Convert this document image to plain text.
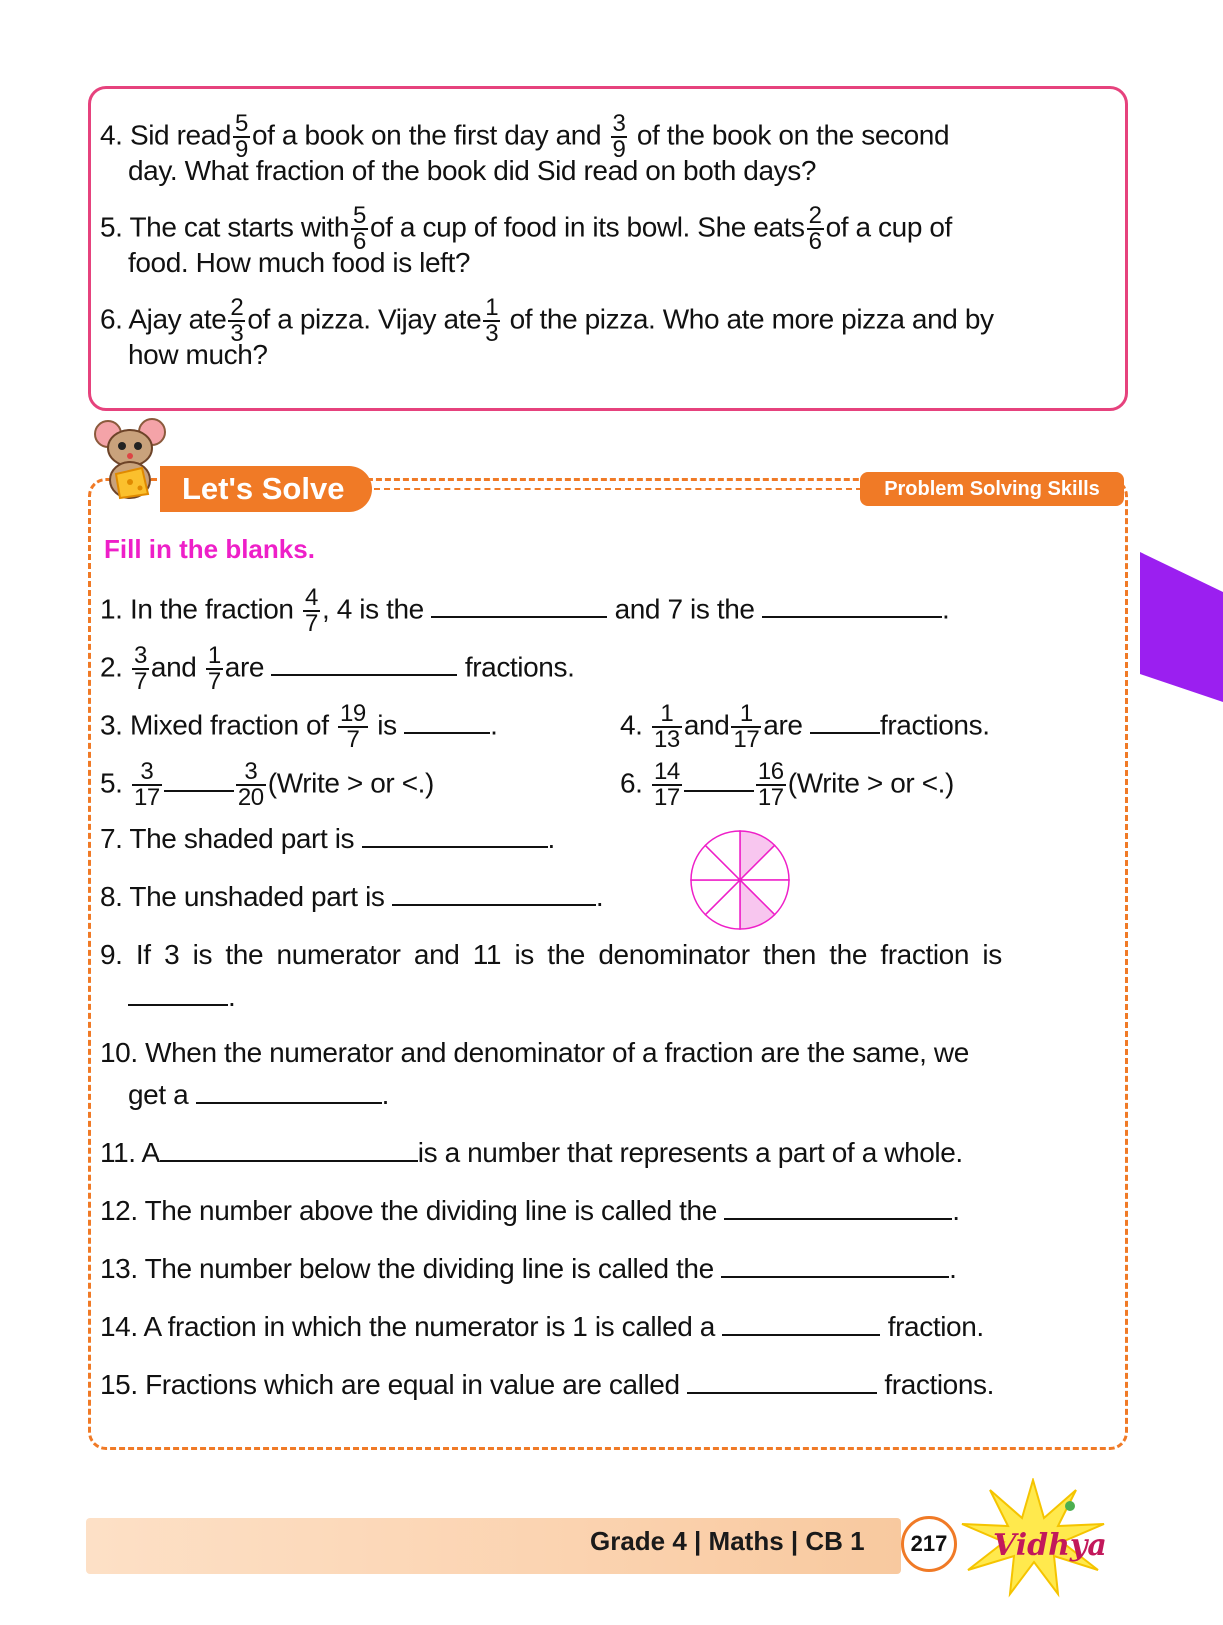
4. Sid read $\frac{5}{9}$ of a book on the first day and $\frac{3}{9}$ of the book on the second
day. What fraction of the book did Sid read on both days?
5. The cat starts with $\frac{5}{6}$ of a cup of food in its bowl. She eats $\frac{2}{6}$ of a cup of
food. How much food is left?
6. Ajay ate $\frac{2}{3}$ of a pizza. Vijay ate $\frac{1}{3}$ of the pizza. Who ate more pizza and by
how much?
Let's Solve	Problem Solving Skills
Fill in the blanks.
1. In the fraction $\frac{4}{7}$ , 4 is the	and 7 is the	.
2. $\frac{3}{7}$ and $\frac{1}{7}$ are	fractions.
3. Mixed fraction of $\frac{19}{7}$ is	.	4. $\frac{1}{13}$ and $\frac{1}{17}$ are	fractions.
5. $\frac{3}{17}$	$\frac{3}{20}$ (Write > or <.)	6. $\frac{14}{17}$	$\frac{16}{17}$ (Write > or <.)
7. The shaded part is	.
8. The unshaded part is	.
9. If 3 is the numerator and 11 is the denominator then the fraction is
.
10. When the numerator and denominator of a fraction are the same, we
get a	.
11. A	is a number that represents a part of a whole.
12. The number above the dividing line is called the	.
13. The number below the dividing line is called the	.
14. A fraction in which the numerator is 1 is called a	fraction.
15. Fractions which are equal in value are called	fractions.
Grade 4 | Maths | CB 1	217	Vidhya
